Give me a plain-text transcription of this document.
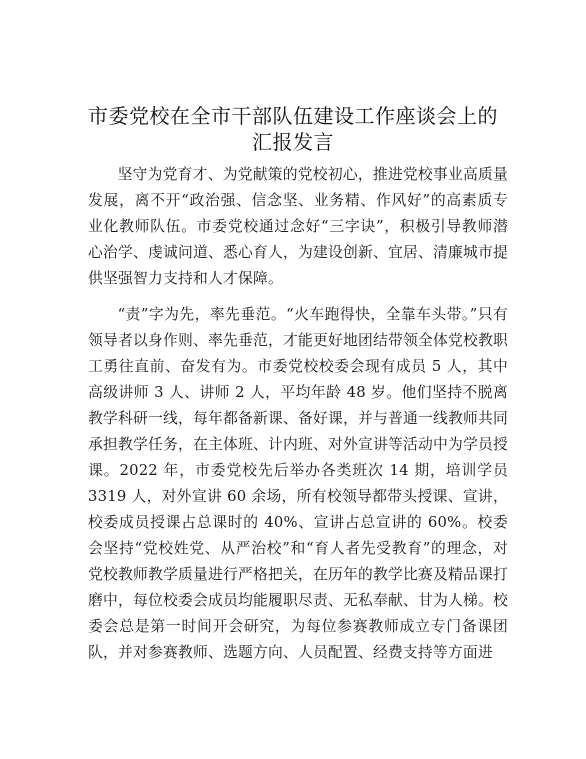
市委党校在全市干部队伍建设工作座谈会上的
汇报发言

坚守为党育才、为党献策的党校初心，推进党校事业高质量发展，离不开“政治强、信念坚、业务精、作风好”的高素质专业化教师队伍。市委党校通过念好“三字诀”，积极引导教师潜心治学、虔诚问道、悉心育人，为建设创新、宜居、清廉城市提供坚强智力支持和人才保障。

“责”字为先，率先垂范。“火车跑得快，全靠车头带。”只有领导者以身作则、率先垂范，才能更好地团结带领全体党校教职工勇往直前、奋发有为。市委党校校委会现有成员 5 人，其中高级讲师 3 人、讲师 2 人，平均年龄 48 岁。他们坚持不脱离教学科研一线，每年都备新课、备好课，并与普通一线教师共同承担教学任务，在主体班、计内班、对外宣讲等活动中为学员授课。2022 年，市委党校先后举办各类班次 14 期，培训学员 3319 人，对外宣讲 60 余场，所有校领导都带头授课、宣讲，校委成员授课占总课时的 40%、宣讲占总宣讲的 60%。校委会坚持“党校姓党、从严治校”和“育人者先受教育”的理念，对党校教师教学质量进行严格把关，在历年的教学比赛及精品课打磨中，每位校委会成员均能履职尽责、无私奉献、甘为人梯。校委会总是第一时间开会研究，为每位参赛教师成立专门备课团队，并对参赛教师、选题方向、人员配置、经费支持等方面进
